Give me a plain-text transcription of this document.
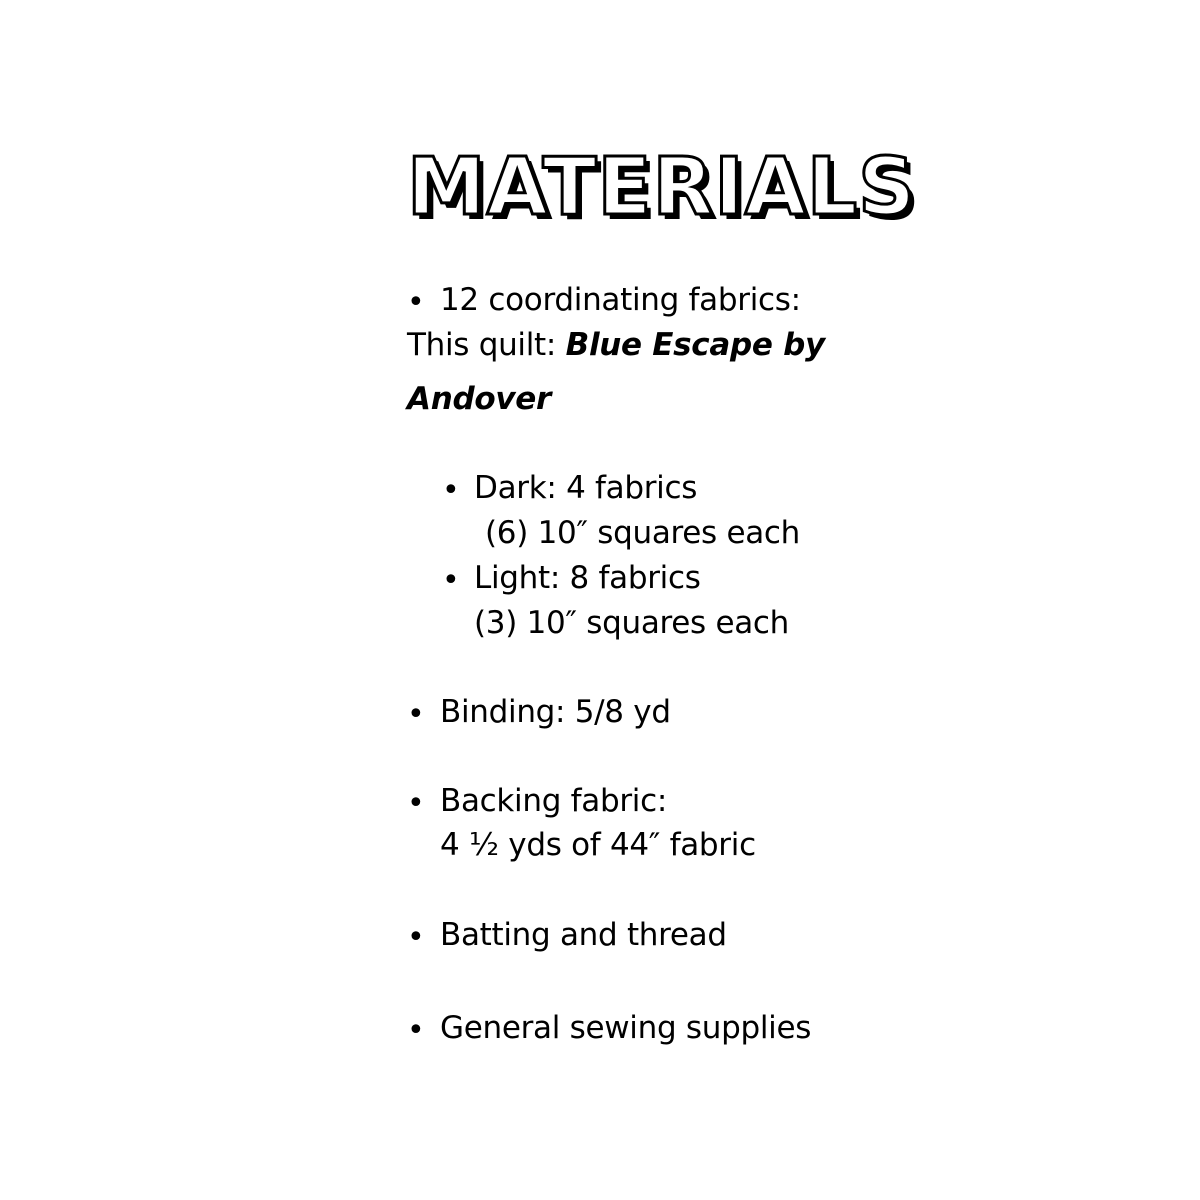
MATERIALS
• 12 coordinating fabrics:
This quilt: Blue Escape by
Andover
• Dark: 4 fabrics
(6) 10″ squares each
• Light: 8 fabrics
(3) 10″ squares each
• Binding: 5/8 yd
• Backing fabric:
4 ½ yds of 44″ fabric
• Batting and thread
• General sewing supplies
